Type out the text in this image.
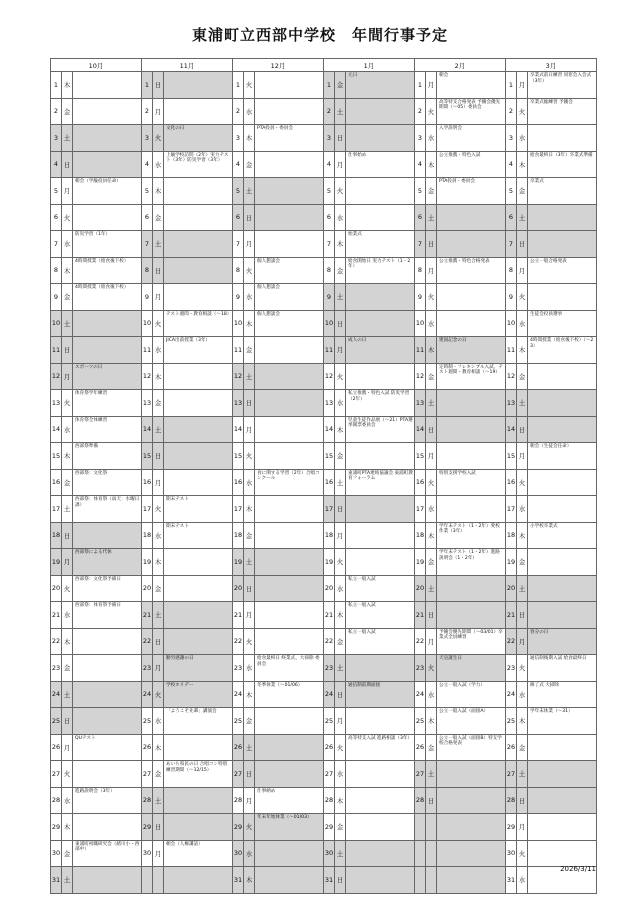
東浦町立西部中学校　年間行事予定
10月			11月			12月			1月			2月			3月		
1	木		1	日		1	火		1	金	元日	1	月	朝会	1	月	卒業式前日練習 同窓会入会式（3年）
2	金		2	月		2	水		2	土		2	火	高等特支合格発表 予餞会優先期間（～05）委員会	2	火	卒業式総練習 予餞会
3	土		3	火	文化の日	3	木	PTA役員・委員会	3	日		3	水	入学説明会	3	水	
4	日		4	水	上級学校訪問（2年）実力テスト（3年）防災学習（3年）	4	金		4	月	仕事始め	4	木	公立推薦・特色入試	4	木	給食最終日（3年）卒業式準備
5	月	朝会（学級役員任命）	5	木		5	土		5	火		5	金	PTA役員・委員会	5	金	卒業式
6	火		6	金		6	日		6	水		6	土		6	土	
7	水	防災学習（1年）	7	土		7	月		7	木	始業式	7	日		7	日	
8	木	4時間授業（給食後下校）	8	日		8	火	個人懇談会	8	金	給食開始日 実力テスト（1・2年）	8	月	公立推薦・特色合格発表	8	月	公立一般合格発表
9	金	4時間授業（給食後下校）	9	月		9	水	個人懇談会	9	土		9	火		9	火	
10	土		10	火	テスト週間・教育相談（～18）	10	木	個人懇談会	10	日		10	水		10	水	生徒会役員選挙
11	日		11	水	JICA出前授業（3年）	11	金		11	月	成人の日	11	木	建国記念の日	11	木	4時間授業（給食後下校）（～23）
12	月	スポーツの日	12	木		12	土		12	火		12	金	定時制・フレキシブル入試、テスト週間・教育相談（～19）	12	金	
13	火	体育祭学年練習	13	金		13	日		13	水	私立推薦・特色入試 防災学習（2年）	13	土		13	土	
14	水	体育祭全体練習	14	土		14	月		14	木	児童生徒作品展（～21）PTA選挙開票委員会	14	日		14	日	
15	木	西部祭準備	15	日		15	火		15	金		15	月		15	月	朝会（生徒会任命）
16	金	西部祭：文化祭	16	月		16	水	食に関する学習（2年）合唱コンクール	16	土	東浦町PTA連絡協議会 東浦町教育フォーラム	16	火	特別支援学校入試	16	火	
17	土	西部祭：体育祭（雨天：水曜日課）	17	火	期末テスト	17	木		17	日		17	水		17	水	
18	日		18	水	期末テスト	18	金		18	月		18	木	学年末テスト（1・2年）愛校作業（3年）	18	木	小学校卒業式
19	月	西部祭による代休	19	木		19	土		19	火		19	金	学年末テスト（1・2年）進路説明会（1・2年）	19	金	
20	火	西部祭：文化祭予備日	20	金		20	日		20	水	私立一般入試	20	土		20	土	
21	水	西部祭：体育祭予備日	21	土		21	月		21	木	私立一般入試	21	日		21	日	
22	木		22	日		22	火		22	金	私立一般入試	22	月	予餞会優先期間（～03/01）卒業式全員練習	22	月	春分の日
23	金		23	月	勤労感謝の日	23	水	給食最終日 終業式、大掃除 委員会	23	土		23	火	天皇誕生日	23	火	通信制後期入試 給食最終日
24	土		24	火	学校ホリデー	24	木	冬季休業（～01/06）	24	日	通信制前期面接	24	水	公立一般入試（学力）	24	水	修了式 大掃除
25	日		25	水	「ようこそ先輩」講演会	25	金		25	月		25	木	公立一般入試（面接A）	25	木	学年末休業（～31）
26	月	QUテスト	26	木		26	土		26	火	高等特支入試 進路相談（3年）	26	金	公立一般入試（面接B）特支学校合格発表	26	金	
27	火		27	金	あいち県民の日 合唱コン特別練習期間（～12/15）	27	日		27	水		27	土		27	土	
28	水	進路説明会（3年）	28	土		28	月	仕事納め	28	木		28	日		28	日	
29	木		29	日		29	火	年末年始休業（～01/03）	29	金					29	月	
30	金	東浦町初職研究会（緒川小・西部中）	30	月	朝会（人権講話）	30	水		30	土					30	火	
31	土					31	木		31	日					31	水	
2026/3/11
